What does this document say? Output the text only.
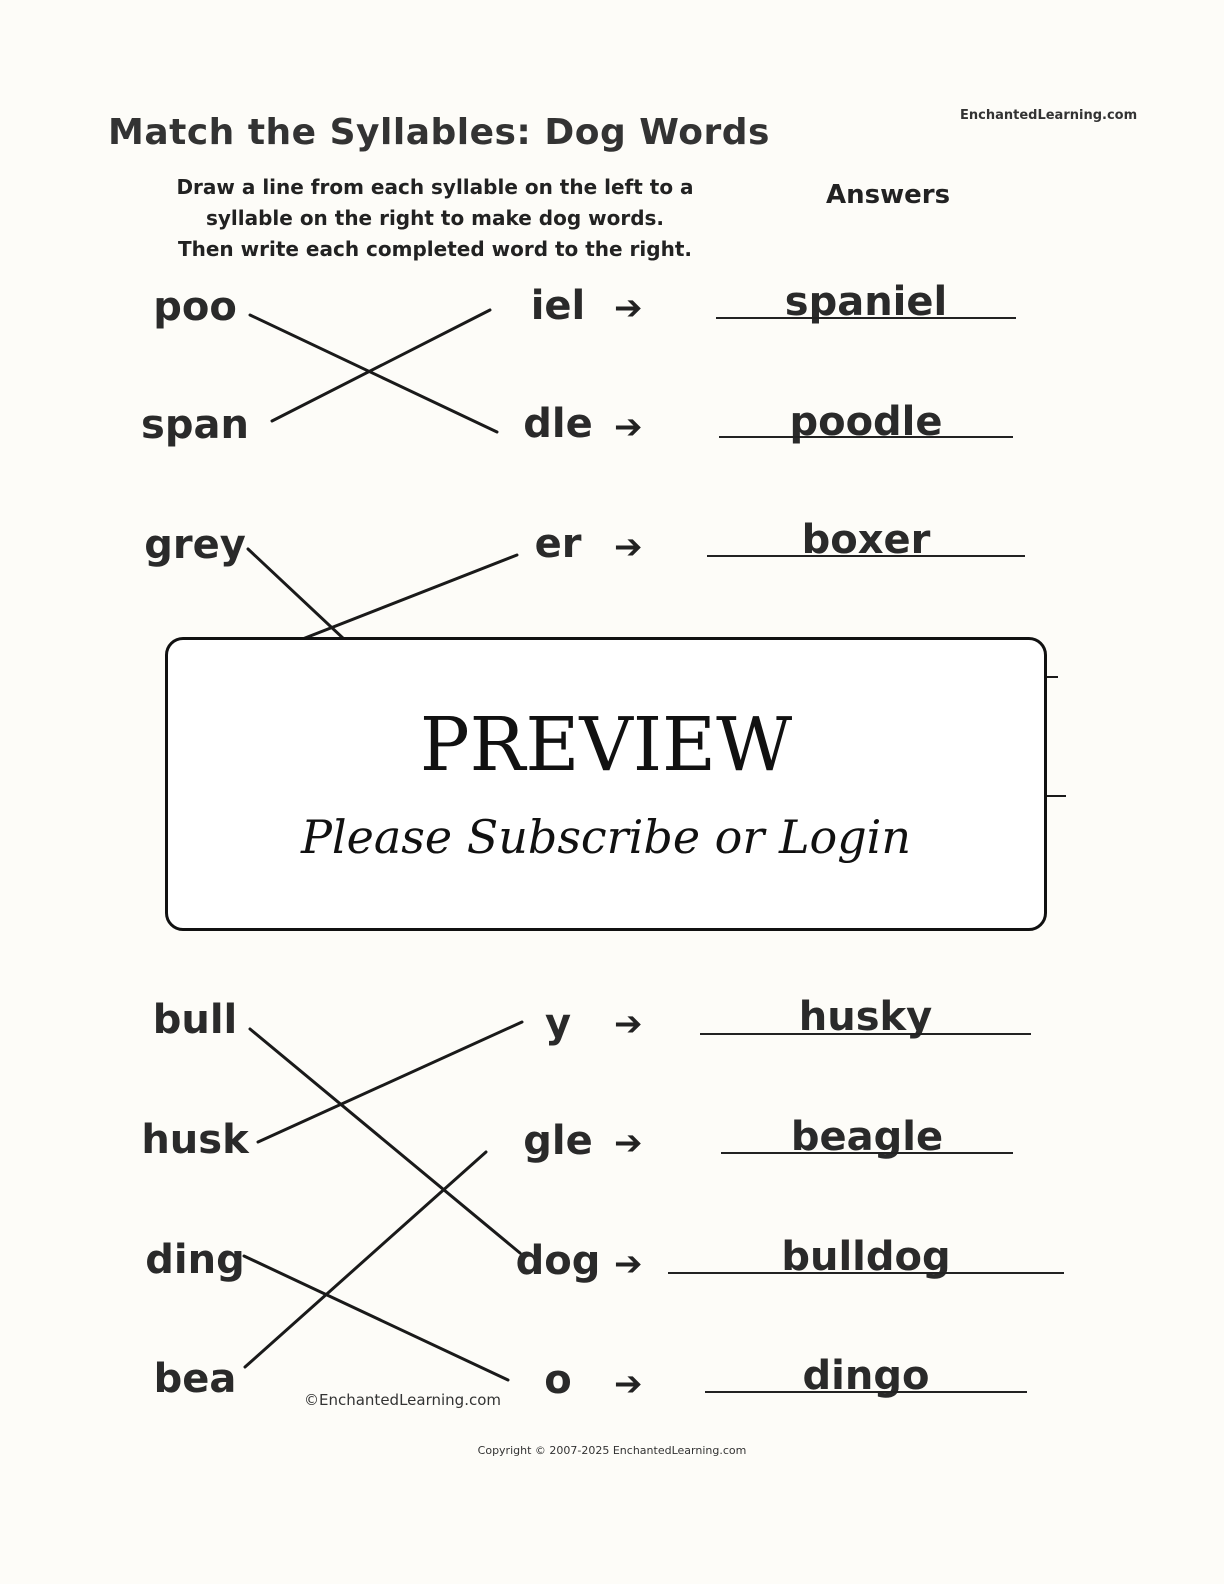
Match the Syllables: Dog Words	EnchantedLearning.com
Draw a line from each syllable on the left to a
syllable on the right to make dog words.
Then write each completed word to the right.
Answers
poo	iel ➔	spaniel
span	dle ➔	poodle
grey	er ➔	boxer
PREVIEW
Please Subscribe or Login
bull	y	➔	husky
husk	gle ➔	beagle
ding	dog ➔	bulldog
bea	o	➔	dingo
©EnchantedLearning.com
Copyright © 2007-2025 EnchantedLearning.com
